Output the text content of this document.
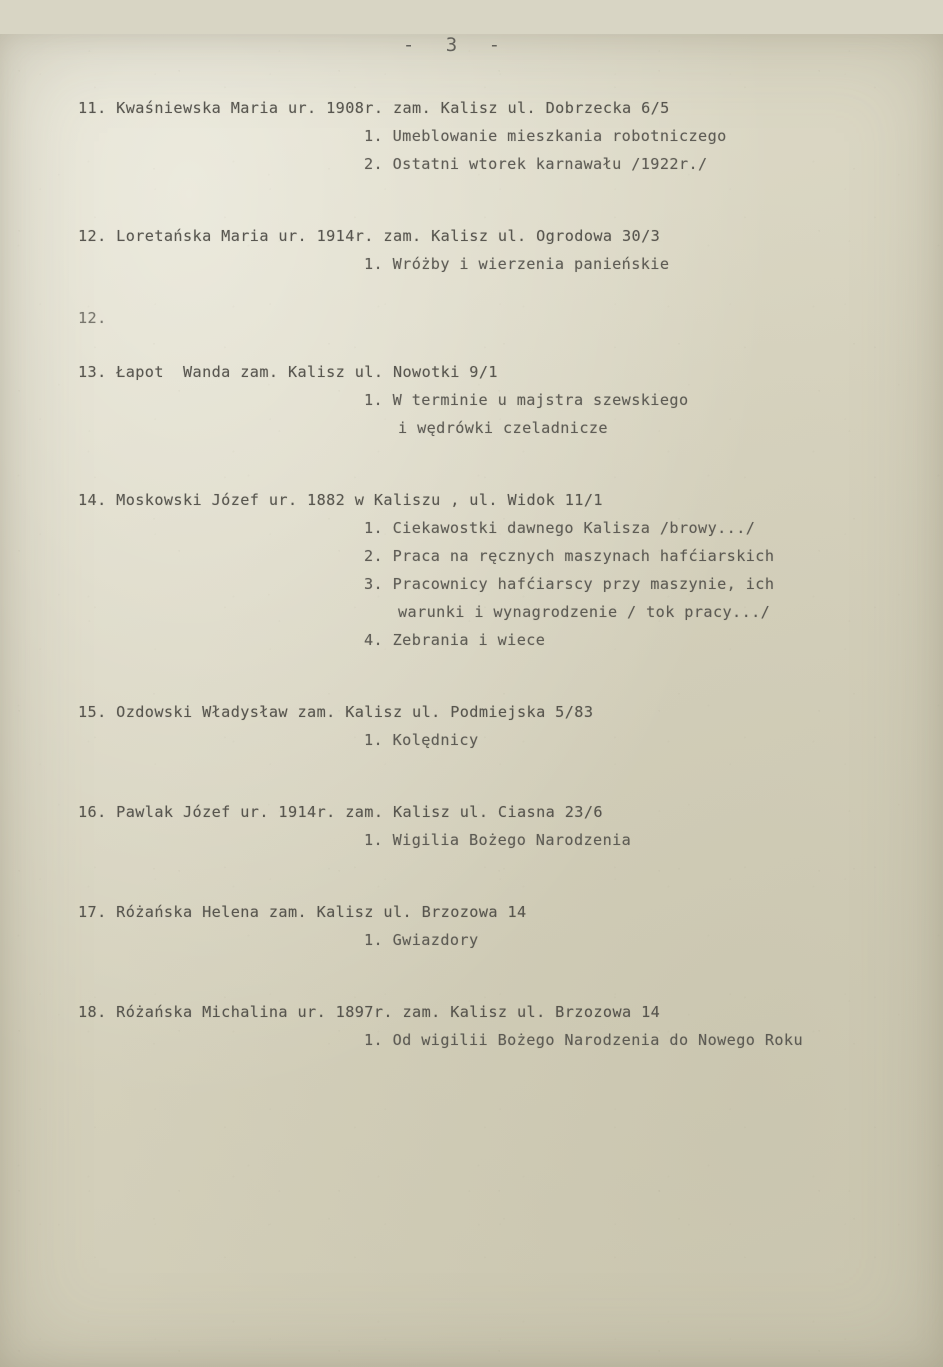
- 3 -
11. Kwaśniewska Maria ur. 1908r. zam. Kalisz ul. Dobrzecka 6/5
1. Umeblowanie mieszkania robotniczego
2. Ostatni wtorek karnawału /1922r./
12. Loretańska Maria ur. 1914r. zam. Kalisz ul. Ogrodowa 30/3
1. Wróżby i wierzenia panieńskie
12.
13. Łapot  Wanda zam. Kalisz ul. Nowotki 9/1
1. W terminie u majstra szewskiego
i wędrówki czeladnicze
14. Moskowski Józef ur. 1882 w Kaliszu , ul. Widok 11/1
1. Ciekawostki dawnego Kalisza /browy.../
2. Praca na ręcznych maszynach hafćiarskich
3. Pracownicy hafćiarscy przy maszynie, ich
warunki i wynagrodzenie / tok pracy.../
4. Zebrania i wiece
15. Ozdowski Władysław zam. Kalisz ul. Podmiejska 5/83
1. Kolędnicy
16. Pawlak Józef ur. 1914r. zam. Kalisz ul. Ciasna 23/6
1. Wigilia Bożego Narodzenia
17. Różańska Helena zam. Kalisz ul. Brzozowa 14
1. Gwiazdory
18. Różańska Michalina ur. 1897r. zam. Kalisz ul. Brzozowa 14
1. Od wigilii Bożego Narodzenia do Nowego Roku
